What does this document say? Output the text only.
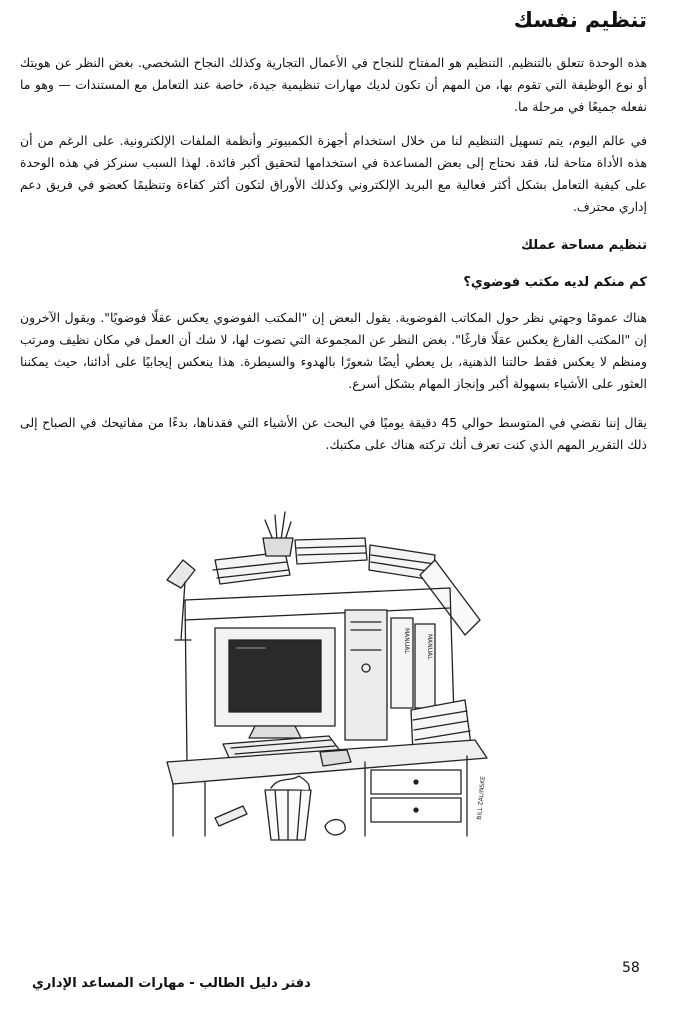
تنظيم نفسك
هذه الوحدة تتعلق بالتنظيم. التنظيم هو المفتاح للنجاح في الأعمال التجارية وكذلك النجاح الشخصي. بغض النظر عن هويتك أو نوع الوظيفة التي تقوم بها، من المهم أن تكون لديك مهارات تنظيمية جيدة، خاصة عند التعامل مع المستندات — وهو ما نفعله جميعًا في مرحلة ما.
في عالم اليوم، يتم تسهيل التنظيم لنا من خلال استخدام أجهزة الكمبيوتر وأنظمة الملفات الإلكترونية. على الرغم من أن هذه الأداة متاحة لنا، فقد نحتاج إلى بعض المساعدة في استخدامها لتحقيق أكبر فائدة. لهذا السبب سنركز في هذه الوحدة على كيفية التعامل بشكل أكثر فعالية مع البريد الإلكتروني وكذلك الأوراق لتكون أكثر كفاءة وتنظيمًا كعضو في فريق دعم إداري محترف.
تنظيم مساحة عملك
كم منكم لديه مكتب فوضوي؟
هناك عمومًا وجهتي نظر حول المكاتب الفوضوية. يقول البعض إن "المكتب الفوضوي يعكس عقلًا فوضويًا". ويقول الآخرون إن "المكتب الفارغ يعكس عقلًا فارغًا". بغض النظر عن المجموعة التي تصوت لها، لا شك أن العمل في مكان نظيف ومرتب ومنظم لا يعكس فقط حالتنا الذهنية، بل يعطي أيضًا شعورًا بالهدوء والسيطرة. هذا ينعكس إيجابيًا على أدائنا، حيث يمكننا العثور على الأشياء بسهولة أكبر وإنجاز المهام بشكل أسرع.
يقال إننا نقضي في المتوسط حوالي 45 دقيقة يوميًا في البحث عن الأشياء التي فقدناها، بدءًا من مفاتيحك في الصباح إلى ذلك التقرير المهم الذي كنت تعرف أنك تركته هناك على مكتبك.
MANUAL	MANUAL
BILL ZALINSKE
58
دفتر دليل الطالب - مهارات المساعد الإداري
